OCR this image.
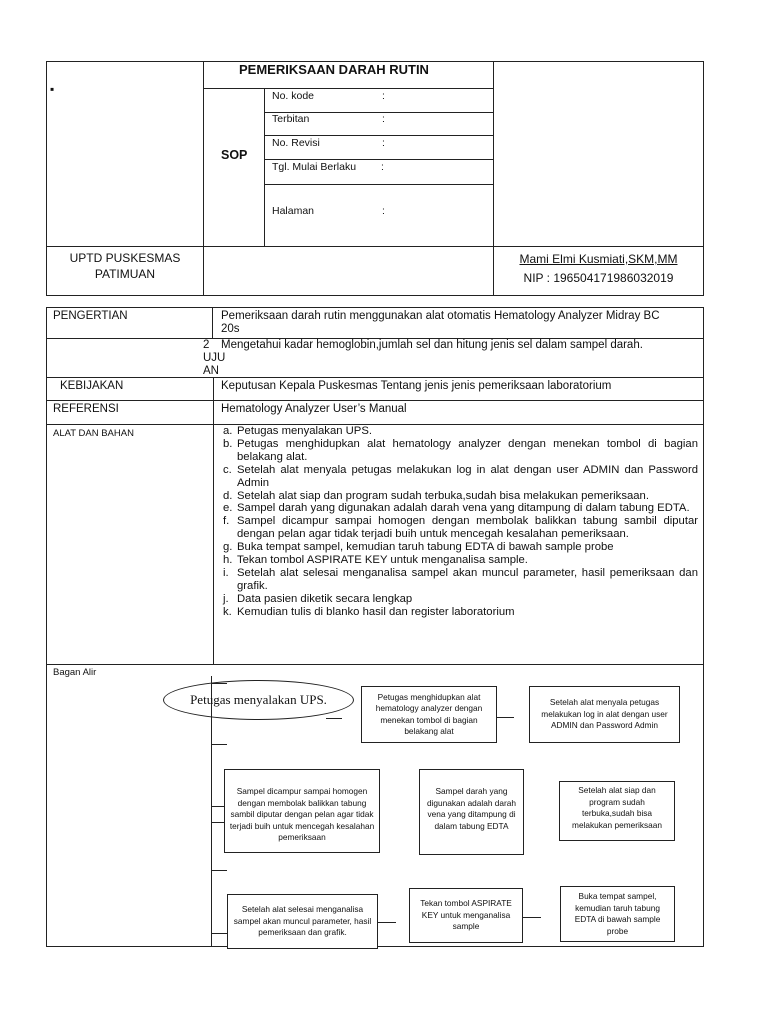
▪
PEMERIKSAAN DARAH RUTIN
SOP
No. kode	:
Terbitan	:
No. Revisi	:
Tgl. Mulai Berlaku :
Halaman	:
UPTD PUSKESMAS
PATIMUAN
Mami Elmi Kusmiati,SKM,MM
NIP : 196504171986032019
PENGERTIAN	Pemeriksaan darah rutin menggunakan alat otomatis Hematology Analyzer Midray BC
20s
2 Mengetahui kadar hemoglobin,jumlah sel dan hitung jenis sel dalam sampel darah.
UJU
AN
KEBIJAKAN	Keputusan Kepala Puskesmas Tentang jenis jenis pemeriksaan laboratorium
REFERENSI	Hematology Analyzer User’s Manual
ALAT DAN BAHAN	a. Petugas menyalakan UPS.
b. Petugas menghidupkan alat hematology analyzer dengan menekan tombol di bagian belakang alat.
c. Setelah alat menyala petugas melakukan log in alat dengan user ADMIN dan Password Admin
d. Setelah alat siap dan program sudah terbuka,sudah bisa melakukan pemeriksaan.
e. Sampel darah yang digunakan adalah darah vena yang ditampung di dalam tabung EDTA.
f. Sampel dicampur sampai homogen dengan membolak balikkan tabung sambil diputar dengan pelan agar tidak terjadi buih untuk mencegah kesalahan pemeriksaan.
g. Buka tempat sampel, kemudian taruh tabung EDTA di bawah sample probe
h. Tekan tombol ASPIRATE KEY untuk menganalisa sample.
i. Setelah alat selesai menganalisa sampel akan muncul parameter, hasil pemeriksaan dan grafik.
j. Data pasien diketik secara lengkap
k. Kemudian tulis di blanko hasil dan register laboratorium
Bagan Alir
Petugas menyalakan UPS.	Petugas menghidupkan alat hematology analyzer dengan menekan tombol di bagian belakang alat
Setelah alat menyala petugas melakukan log in alat dengan user ADMIN dan Password Admin
Sampel dicampur sampai homogen dengan membolak balikkan tabung sambil diputar dengan pelan agar tidak terjadi buih untuk mencegah kesalahan pemeriksaan
Sampel darah yang digunakan adalah darah vena yang ditampung di dalam tabung EDTA
Setelah alat siap dan program sudah terbuka,sudah bisa melakukan pemeriksaan
Setelah alat selesai menganalisa sampel akan muncul parameter, hasil pemeriksaan dan grafik.
Tekan tombol ASPIRATE KEY untuk menganalisa sample
Buka tempat sampel, kemudian taruh tabung EDTA di bawah sample probe
